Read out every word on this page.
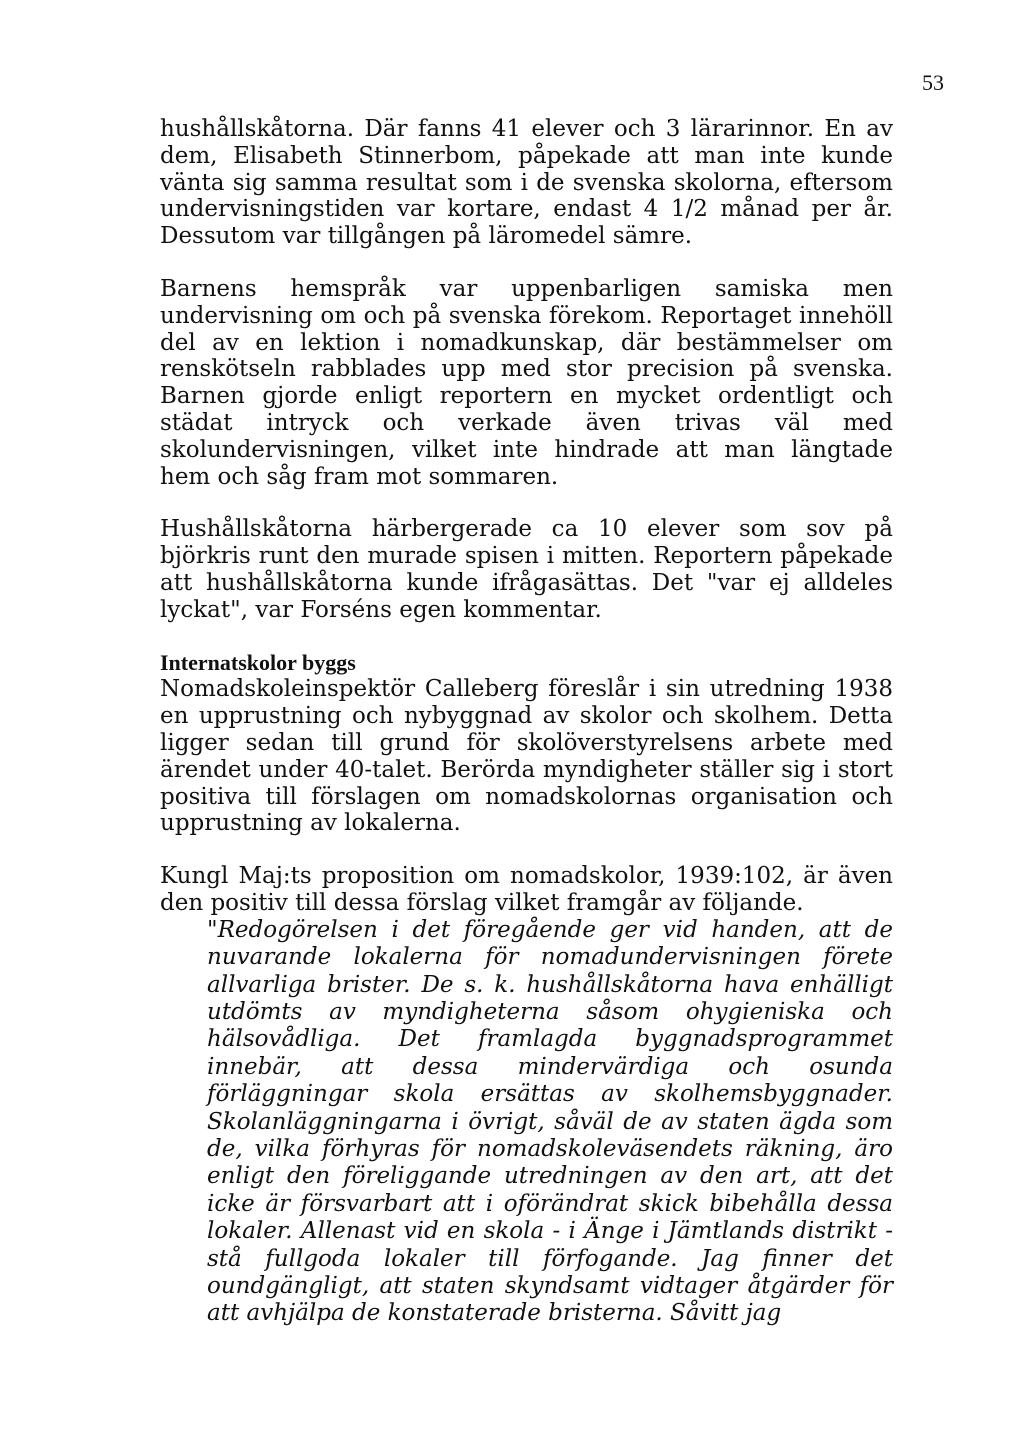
53

hushållskåtorna. Där fanns 41 elever och 3 lärarinnor. En av dem, Elisabeth Stinnerbom, påpekade att man inte kunde vänta sig samma resultat som i de svenska skolorna, eftersom undervisningstiden var kortare, endast 4 1/2 månad per år. Dessutom var tillgången på läromedel sämre.

Barnens hemspråk var uppenbarligen samiska men undervisning om och på svenska förekom. Reportaget innehöll del av en lektion i nomadkunskap, där bestämmelser om renskötseln rabblades upp med stor precision på svenska. Barnen gjorde enligt reportern en mycket ordentligt och städat intryck och verkade även trivas väl med skolundervisningen, vilket inte hindrade att man längtade hem och såg fram mot sommaren.

Hushållskåtorna härbergerade ca 10 elever som sov på björkris runt den murade spisen i mitten. Reportern påpekade att hushållskåtorna kunde ifrågasättas. Det "var ej alldeles lyckat", var Forséns egen kommentar.

Internatskolor byggs

Nomadskoleinspektör Calleberg föreslår i sin utredning 1938 en upprustning och nybyggnad av skolor och skolhem. Detta ligger sedan till grund för skolöverstyrelsens arbete med ärendet under 40-talet. Berörda myndigheter ställer sig i stort positiva till förslagen om nomadskolornas organisation och upprustning av lokalerna.

Kungl Maj:ts proposition om nomadskolor, 1939:102, är även den positiv till dessa förslag vilket framgår av följande.

"Redogörelsen i det föregående ger vid handen, att de nuvarande lokalerna för nomadundervisningen förete allvarliga brister. De s. k. hushållskåtorna hava enhälligt utdömts av myndigheterna såsom ohygieniska och hälsovådliga. Det framlagda byggnadsprogrammet innebär, att dessa mindervärdiga och osunda förläggningar skola ersättas av skolhemsbyggnader. Skolanläggningarna i övrigt, såväl de av staten ägda som de, vilka förhyras för nomadskoleväsendets räkning, äro enligt den föreliggande utredningen av den art, att det icke är försvarbart att i oförändrat skick bibehålla dessa lokaler. Allenast vid en skola - i Änge i Jämtlands distrikt - stå fullgoda lokaler till förfogande. Jag finner det oundgängligt, att staten skyndsamt vidtager åtgärder för att avhjälpa de konstaterade bristerna. Såvitt jag
